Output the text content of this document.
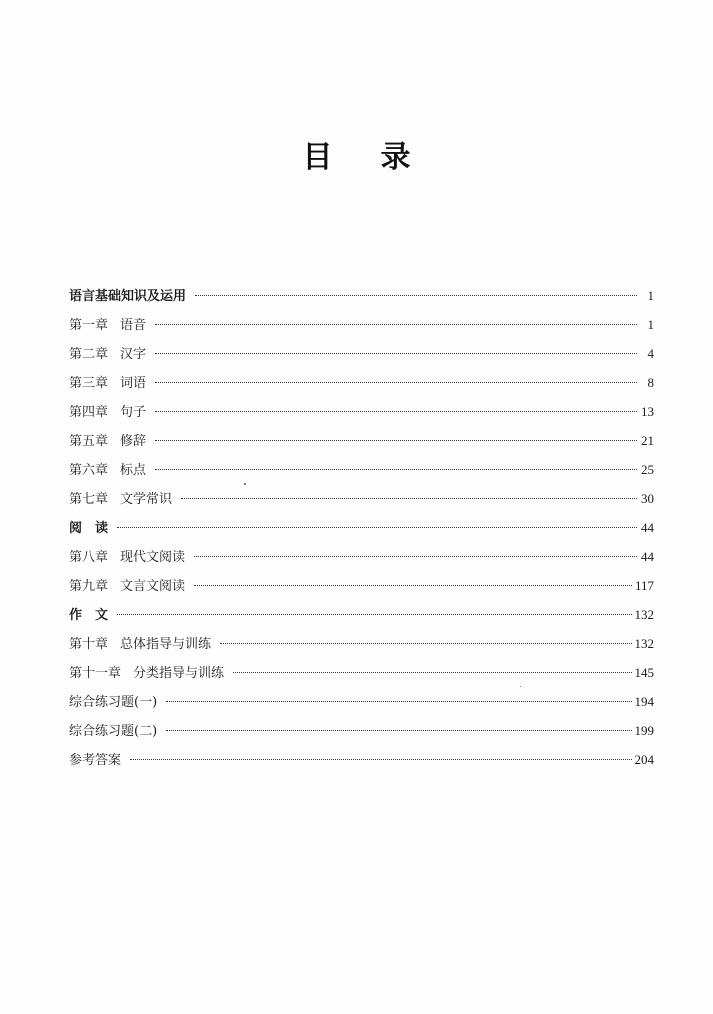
目 录
语言基础知识及运用	1
第一章 语音	1
第二章 汉字	4
第三章 词语	8
第四章 句子	13
第五章 修辞	21
第六章 标点	25
第七章 文学常识	30
阅　读	44
第八章 现代文阅读	44
第九章 文言文阅读	117
作　文	132
第十章 总体指导与训练	132
第十一章 分类指导与训练	145
综合练习题(一)	194
综合练习题(二)	199
参考答案	204
